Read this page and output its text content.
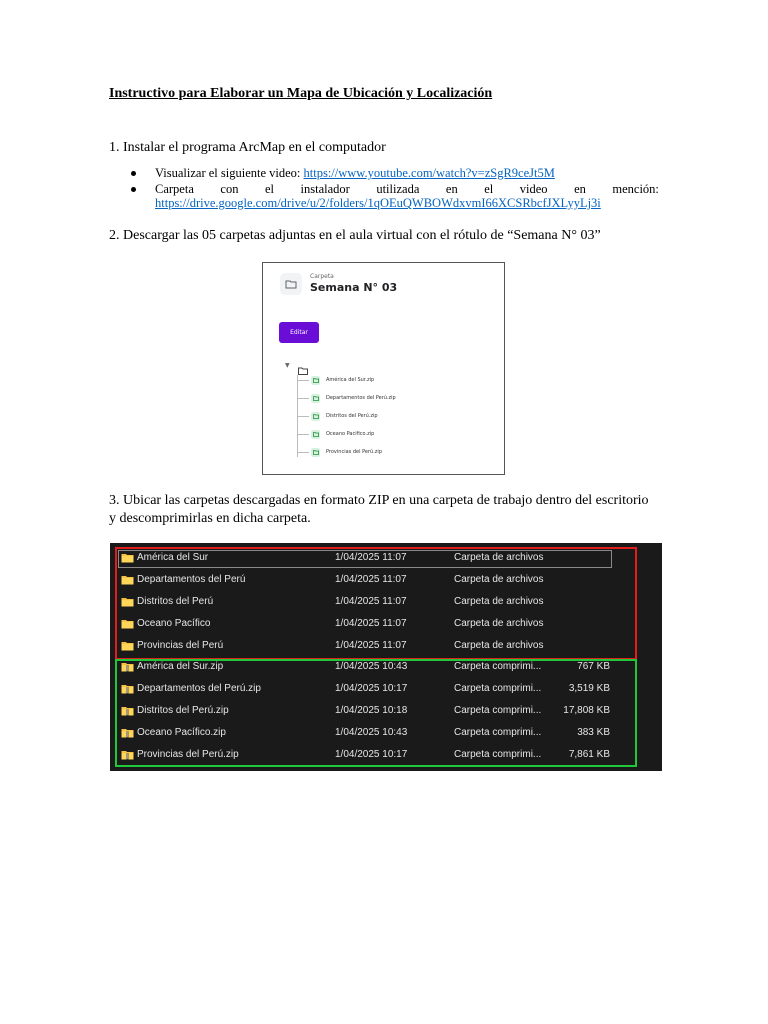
Instructivo para Elaborar un Mapa de Ubicación y Localización
1. Instalar el programa ArcMap en el computador
Visualizar el siguiente video: https://www.youtube.com/watch?v=zSgR9ceJt5M
Carpeta con el instalador utilizada en el video en mención:
https://drive.google.com/drive/u/2/folders/1qOEuQWBOWdxvmI66XCSRbcfJXLyyLj3i
2. Descargar las 05 carpetas adjuntas en el aula virtual con el rótulo de “Semana N° 03”
Carpeta
Semana N° 03
Editar
▼
América del Sur.zip
Departamentos del Perú.zip
Distritos del Perú.zip
Oceano Pacifico.zip
Provincias del Perú.zip
3. Ubicar las carpetas descargadas en formato ZIP en una carpeta de trabajo dentro del escritorio
y descomprimirlas en dicha carpeta.
América del Sur	1/04/2025 11:07	Carpeta de archivos
Departamentos del Perú	1/04/2025 11:07	Carpeta de archivos
Distritos del Perú	1/04/2025 11:07	Carpeta de archivos
Oceano Pacífico	1/04/2025 11:07	Carpeta de archivos
Provincias del Perú	1/04/2025 11:07	Carpeta de archivos
América del Sur.zip	1/04/2025 10:43	Carpeta comprimi...	767 KB
Departamentos del Perú.zip	1/04/2025 10:17	Carpeta comprimi...	3,519 KB
Distritos del Perú.zip	1/04/2025 10:18	Carpeta comprimi... 17,808 KB
Oceano Pacífico.zip	1/04/2025 10:43	Carpeta comprimi...	383 KB
Provincias del Perú.zip	1/04/2025 10:17	Carpeta comprimi...	7,861 KB
